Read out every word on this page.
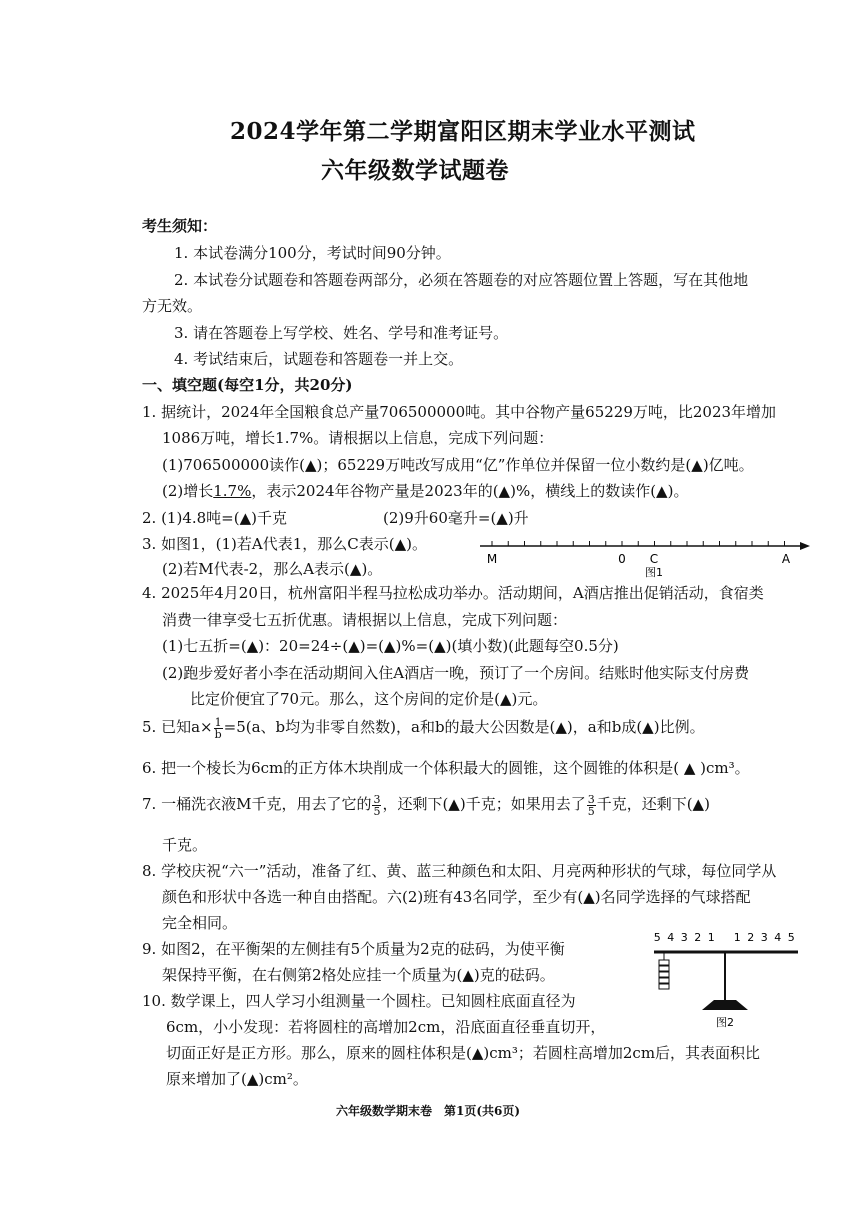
2024学年第二学期富阳区期末学业水平测试
六年级数学试题卷
考生须知：
1. 本试卷满分100分，考试时间90分钟。
2. 本试卷分试题卷和答题卷两部分，必须在答题卷的对应答题位置上答题，写在其他地
方无效。
3. 请在答题卷上写学校、姓名、学号和准考证号。
4. 考试结束后，试题卷和答题卷一并上交。
一、填空题(每空1分，共20分)
1. 据统计，2024年全国粮食总产量706500000吨。其中谷物产量65229万吨，比2023年增加
1086万吨，增长1.7%。请根据以上信息，完成下列问题：
(1)706500000读作(▲)；65229万吨改写成用“亿”作单位并保留一位小数约是(▲)亿吨。
(2)增长1.7%，表示2024年谷物产量是2023年的(▲)%，横线上的数读作(▲)。
2. (1)4.8吨=(▲)千克	(2)9升60毫升=(▲)升
3. 如图1，(1)若A代表1，那么C表示(▲)。
(2)若M代表-2，那么A表示(▲)。
M	0 C	A
图1
4. 2025年4月20日，杭州富阳半程马拉松成功举办。活动期间，A酒店推出促销活动，食宿类
消费一律享受七五折优惠。请根据以上信息，完成下列问题：
(1)七五折=(▲)：20=24÷(▲)=(▲)%=(▲)(填小数)(此题每空0.5分)
(2)跑步爱好者小李在活动期间入住A酒店一晚，预订了一个房间。结账时他实际支付房费
比定价便宜了70元。那么，这个房间的定价是(▲)元。
5. 已知$a\times \frac{1}{b} =5(a$、b均为非零自然数)，a和b的最大公因数是(▲)，a和b成(▲)比例。
6. 把一个棱长为6cm的正方体木块削成一个体积最大的圆锥，这个圆锥的体积是( ▲ )cm³。
7. 一桶洗衣液M千克，用去了它的 $\frac{3}{5}$ ，还剩下(▲)千克；如果用去了 $\frac{3}{5}$ 千克，还剩下(▲)
千克。
8. 学校庆祝“六一”活动，准备了红、黄、蓝三种颜色和太阳、月亮两种形状的气球，每位同学从
颜色和形状中各选一种自由搭配。六(2)班有43名同学，至少有(▲)名同学选择的气球搭配
完全相同。
9. 如图2，在平衡架的左侧挂有5个质量为2克的砝码，为使平衡
架保持平衡，在右侧第2格处应挂一个质量为(▲)克的砝码。
5 4 3 2 1 1 2 3 4 5
图2
10. 数学课上，四人学习小组测量一个圆柱。已知圆柱底面直径为
6cm，小小发现：若将圆柱的高增加2cm，沿底面直径垂直切开，
切面正好是正方形。那么，原来的圆柱体积是(▲)cm³；若圆柱高增加2cm后，其表面积比
原来增加了(▲)cm²。
六年级数学期末卷　第1页(共6页)
